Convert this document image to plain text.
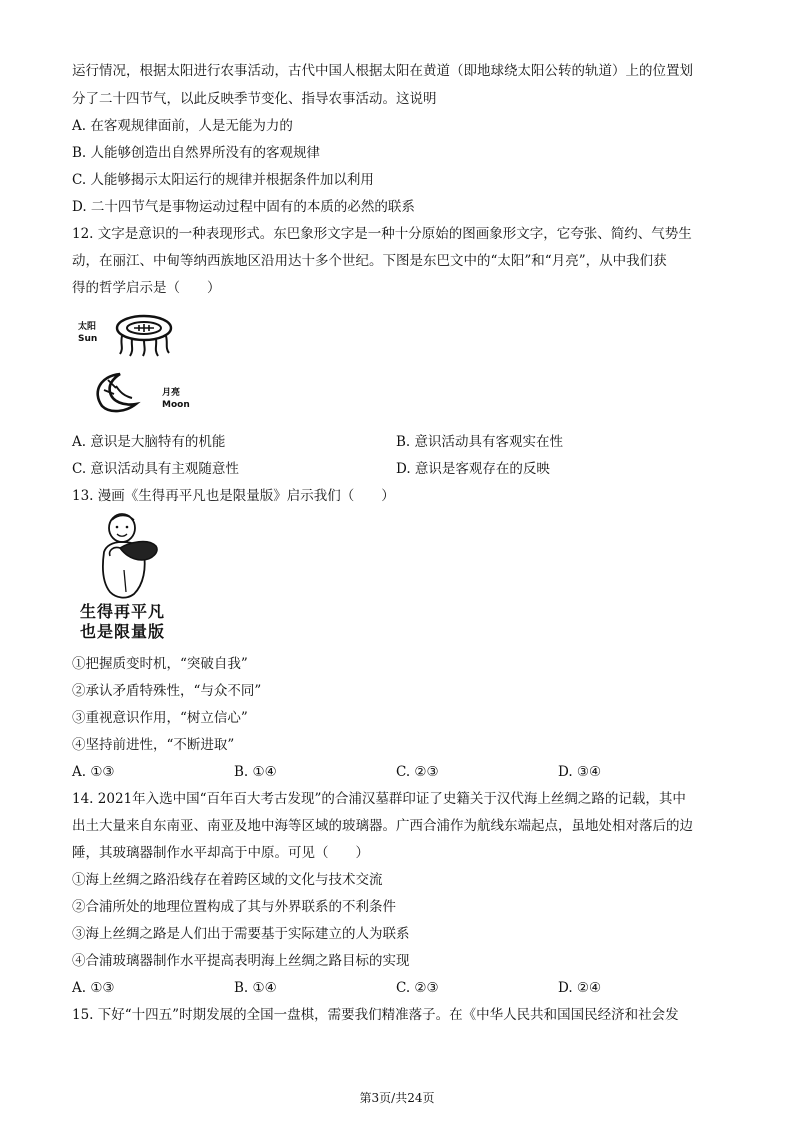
运行情况，根据太阳进行农事活动，古代中国人根据太阳在黄道（即地球绕太阳公转的轨道）上的位置划
分了二十四节气，以此反映季节变化、指导农事活动。这说明
A. 在客观规律面前，人是无能为力的
B. 人能够创造出自然界所没有的客观规律
C. 人能够揭示太阳运行的规律并根据条件加以利用
D. 二十四节气是事物运动过程中固有的本质的必然的联系
12. 文字是意识的一种表现形式。东巴象形文字是一种十分原始的图画象形文字，它夸张、简约、气势生
动，在丽江、中甸等纳西族地区沿用达十多个世纪。下图是东巴文中的“太阳”和“月亮”，从中我们获
得的哲学启示是（　　）
太阳
Sun
月亮
Moon
A. 意识是大脑特有的机能	B. 意识活动具有客观实在性
C. 意识活动具有主观随意性	D. 意识是客观存在的反映
13. 漫画《生得再平凡也是限量版》启示我们（　　）
生得再平凡
也是限量版
①把握质变时机，“突破自我”
②承认矛盾特殊性，“与众不同”
③重视意识作用，“树立信心”
④坚持前进性，“不断进取”
A. ①③	B. ①④	C. ②③	D. ③④
14. 2021年入选中国“百年百大考古发现”的合浦汉墓群印证了史籍关于汉代海上丝绸之路的记载，其中
出土大量来自东南亚、南亚及地中海等区域的玻璃器。广西合浦作为航线东端起点，虽地处相对落后的边
陲，其玻璃器制作水平却高于中原。可见（　　）
①海上丝绸之路沿线存在着跨区域的文化与技术交流
②合浦所处的地理位置构成了其与外界联系的不利条件
③海上丝绸之路是人们出于需要基于实际建立的人为联系
④合浦玻璃器制作水平提高表明海上丝绸之路目标的实现
A. ①③	B. ①④	C. ②③	D. ②④
15. 下好“十四五”时期发展的全国一盘棋，需要我们精准落子。在《中华人民共和国国民经济和社会发
第3页/共24页
